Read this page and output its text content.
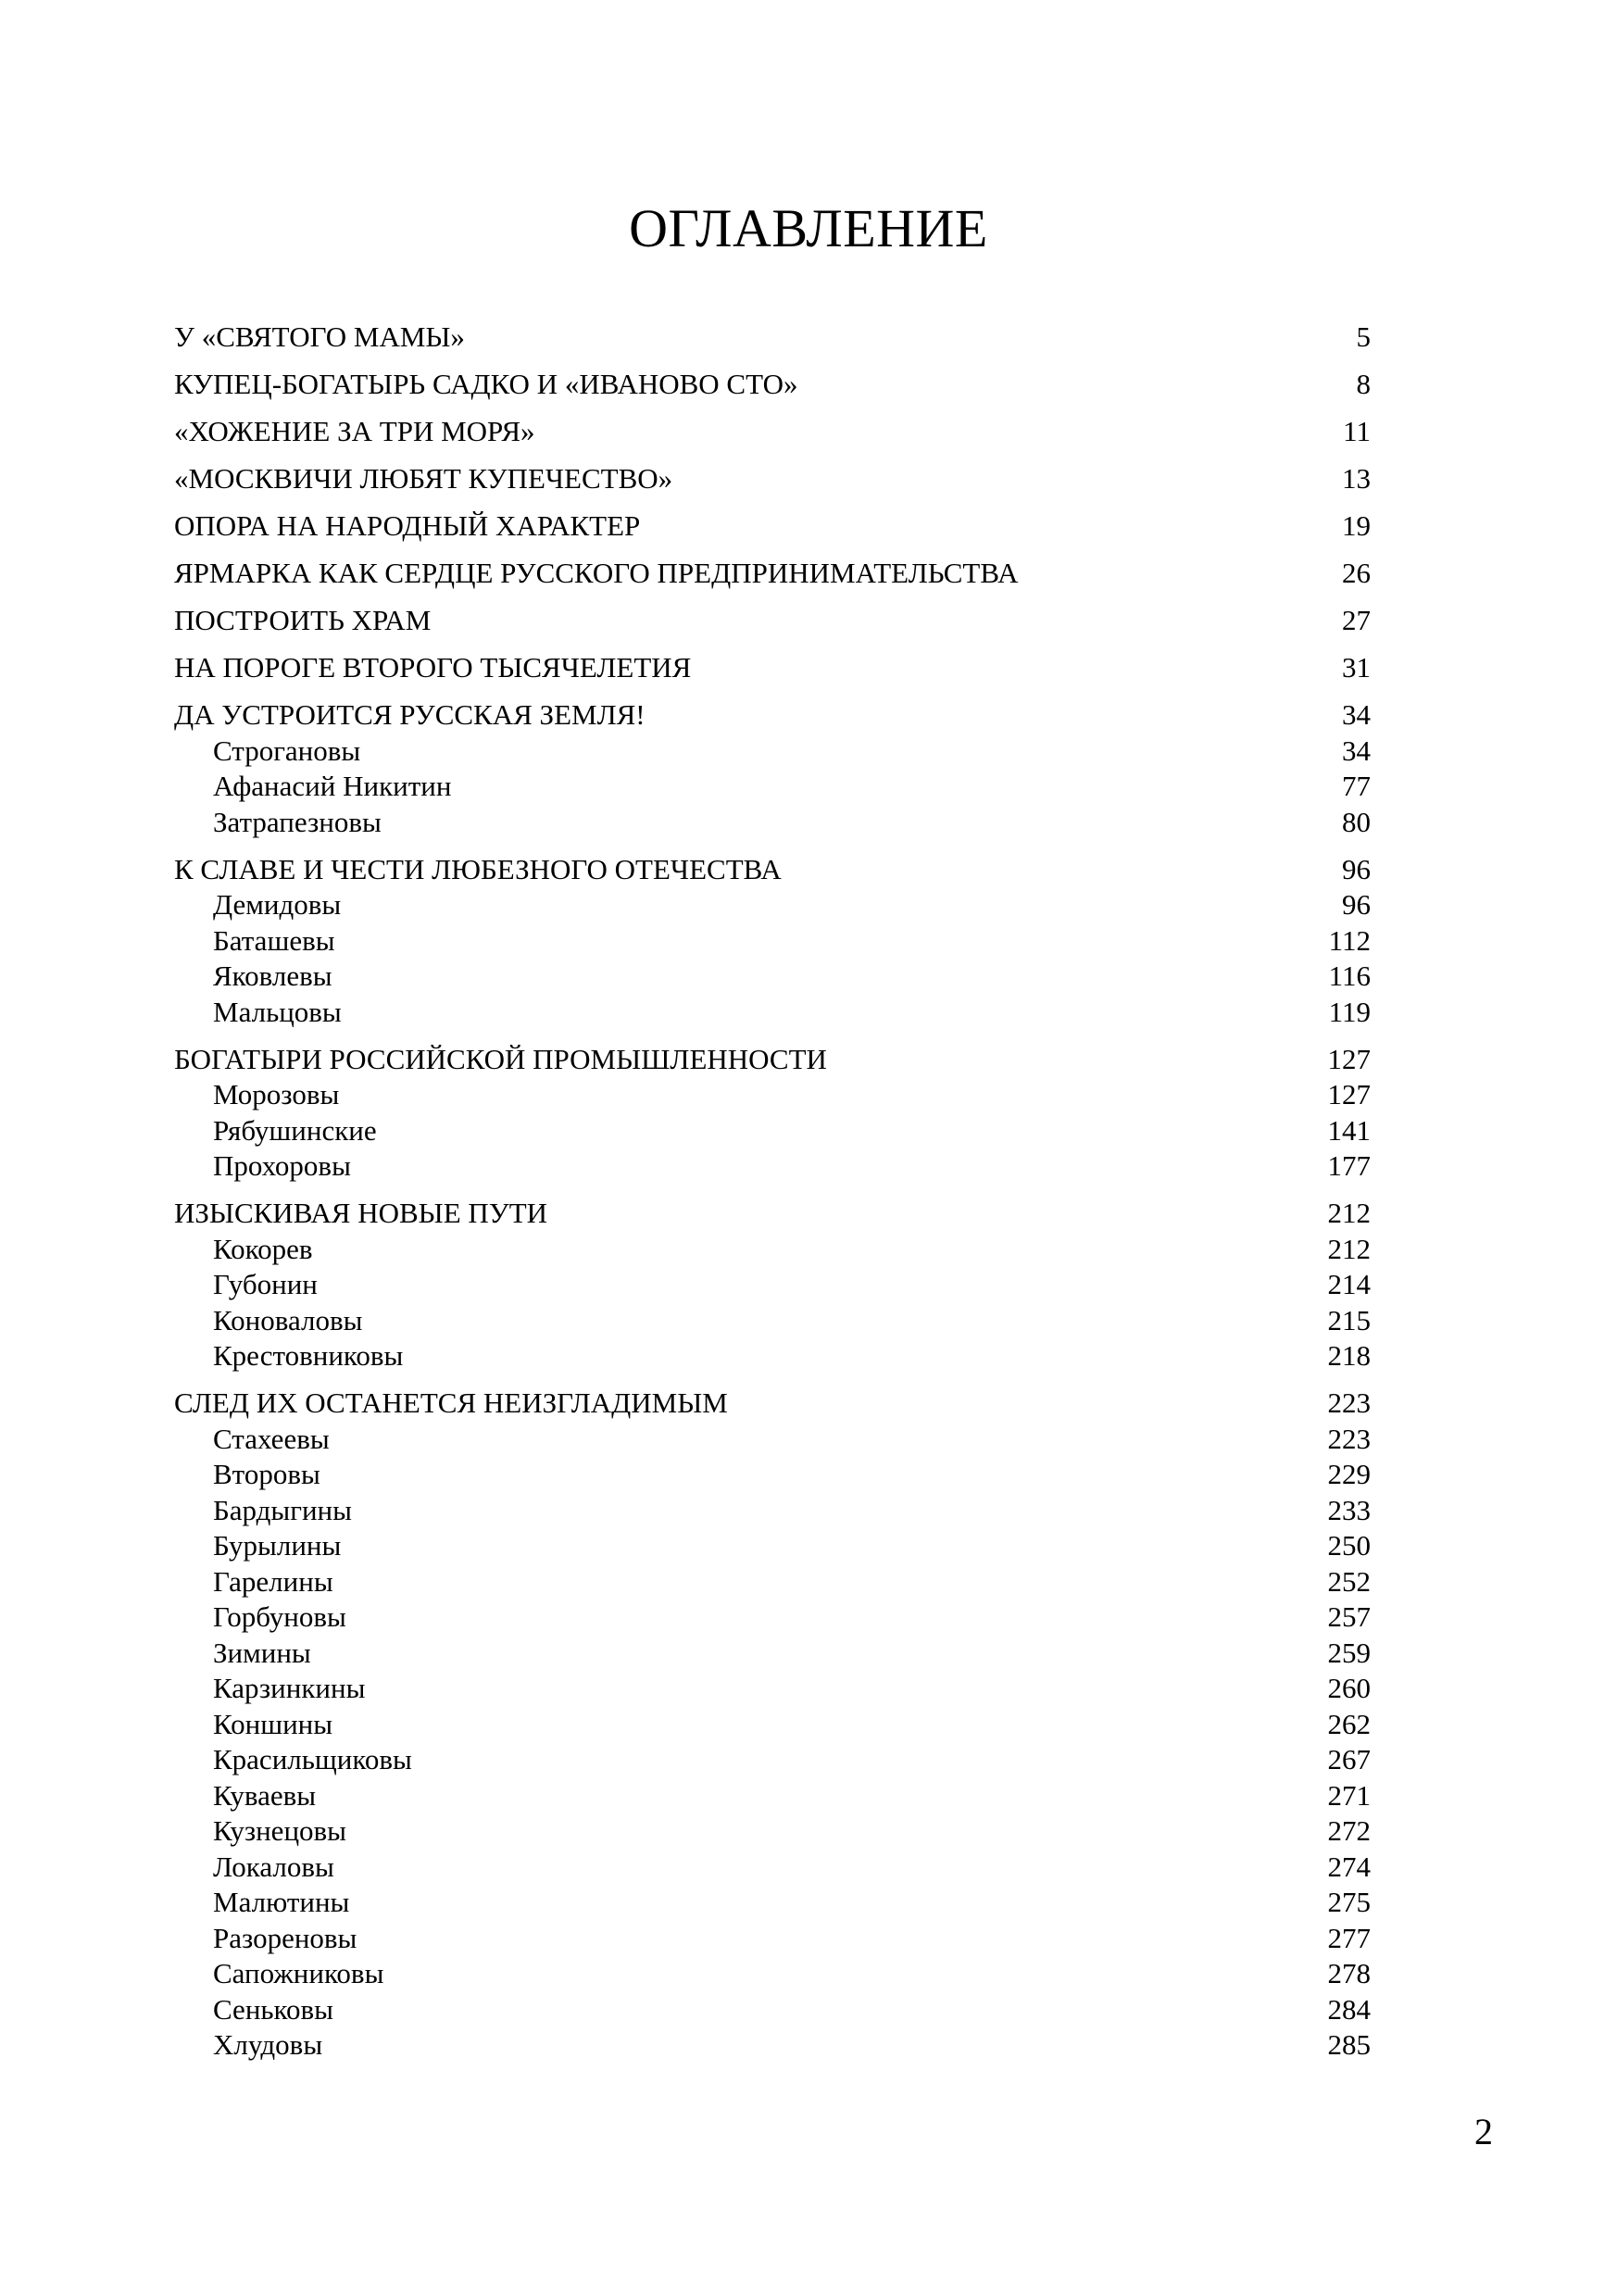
ОГЛАВЛЕНИЕ
У «СВЯТОГО МАМЫ»	5
КУПЕЦ-БОГАТЫРЬ САДКО И «ИВАНОВО СТО»	8
«ХОЖЕНИЕ ЗА ТРИ МОРЯ»	11
«МОСКВИЧИ ЛЮБЯТ КУПЕЧЕСТВО»	13
ОПОРА НА НАРОДНЫЙ ХАРАКТЕР	19
ЯРМАРКА КАК СЕРДЦЕ РУССКОГО ПРЕДПРИНИМАТЕЛЬСТВА	26
ПОСТРОИТЬ ХРАМ	27
НА ПОРОГЕ ВТОРОГО ТЫСЯЧЕЛЕТИЯ	31
ДА УСТРОИТСЯ РУССКАЯ ЗЕМЛЯ!	34
Строгановы	34
Афанасий Никитин	77
Затрапезновы	80
К СЛАВЕ И ЧЕСТИ ЛЮБЕЗНОГО ОТЕЧЕСТВА	96
Демидовы	96
Баташевы	112
Яковлевы	116
Мальцовы	119
БОГАТЫРИ РОССИЙСКОЙ ПРОМЫШЛЕННОСТИ	127
Морозовы	127
Рябушинские	141
Прохоровы	177
ИЗЫСКИВАЯ НОВЫЕ ПУТИ	212
Кокорев	212
Губонин	214
Коноваловы	215
Крестовниковы	218
СЛЕД ИХ ОСТАНЕТСЯ НЕИЗГЛАДИМЫМ	223
Стахеевы	223
Второвы	229
Бардыгины	233
Бурылины	250
Гарелины	252
Горбуновы	257
Зимины	259
Карзинкины	260
Коншины	262
Красильщиковы	267
Куваевы	271
Кузнецовы	272
Локаловы	274
Малютины	275
Разореновы	277
Сапожниковы	278
Сеньковы	284
Хлудовы	285
2
